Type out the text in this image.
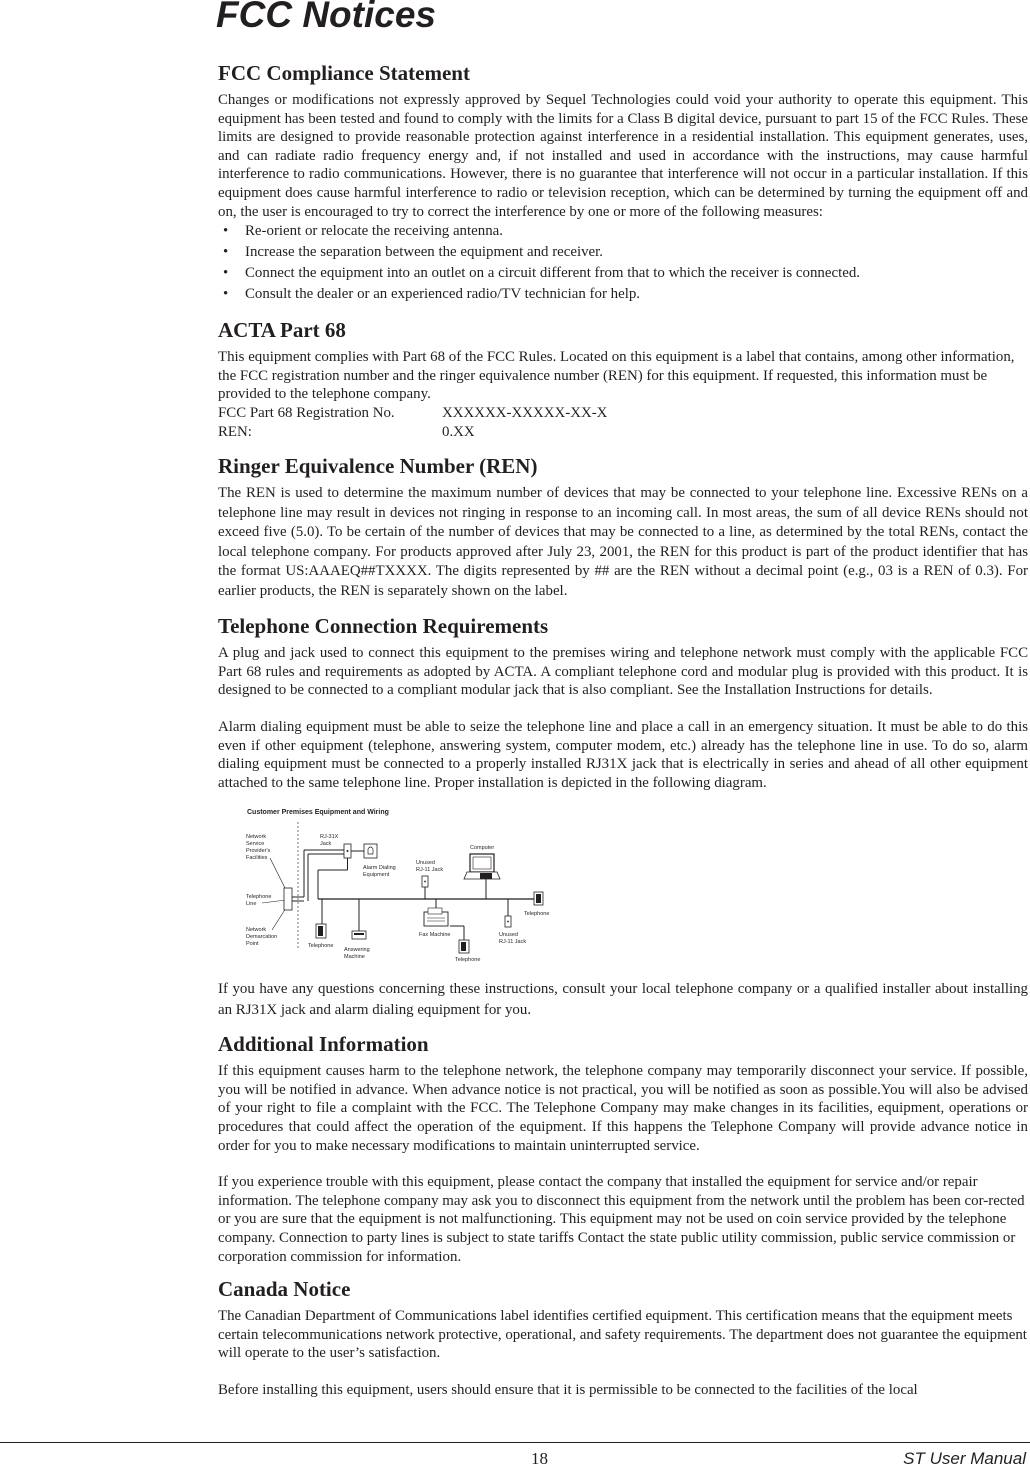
FCC Notices
FCC Compliance Statement

Changes or modifications not expressly approved by Sequel Technologies could void your authority to operate this equipment. This equipment has been tested and found to comply with the limits for a Class B digital device, pursuant to part 15 of the FCC Rules. These limits are designed to provide reasonable protection against interference in a residential installation. This equipment generates, uses, and can radiate radio frequency energy and, if not installed and used in accordance with the instructions, may cause harmful interference to radio communications. However, there is no guarantee that interference will not occur in a particular installation. If this equipment does cause harmful interference to radio or television reception, which can be determined by turning the equipment off and on, the user is encouraged to try to correct the interference by one or more of the following measures:

• Re-orient or relocate the receiving antenna.
• Increase the separation between the equipment and receiver.
• Connect the equipment into an outlet on a circuit different from that to which the receiver is connected.
• Consult the dealer or an experienced radio/TV technician for help.
ACTA Part 68

This equipment complies with Part 68 of the FCC Rules. Located on this equipment is a label that contains, among other information, the FCC registration number and the ringer equivalence number (REN) for this equipment. If requested, this information must be provided to the telephone company.

FCC Part 68 Registration No.	XXXXXX-XXXXX-XX-X
REN:	0.XX
Ringer Equivalence Number (REN)

The REN is used to determine the maximum number of devices that may be connected to your telephone line. Excessive RENs on a telephone line may result in devices not ringing in response to an incoming call. In most areas, the sum of all device RENs should not exceed five (5.0). To be certain of the number of devices that may be connected to a line, as determined by the total RENs, contact the local telephone company. For products approved after July 23, 2001, the REN for this product is part of the product identifier that has the format US:AAAEQ##TXXXX. The digits represented by ## are the REN without a decimal point (e.g., 03 is a REN of 0.3). For earlier products, the REN is separately shown on the label.

Telephone Connection Requirements

A plug and jack used to connect this equipment to the premises wiring and telephone network must comply with the applicable FCC Part 68 rules and requirements as adopted by ACTA. A compliant telephone cord and modular plug is provided with this product. It is designed to be connected to a compliant modular jack that is also compliant. See the Installation Instructions for details.

Alarm dialing equipment must be able to seize the telephone line and place a call in an emergency situation. It must be able to do this even if other equipment (telephone, answering system, computer modem, etc.) already has the telephone line in use. To do so, alarm dialing equipment must be connected to a properly installed RJ31X jack that is electrically in series and ahead of all other equipment attached to the same telephone line. Proper installation is depicted in the following diagram.

Customer Premises Equipment and Wiring
Network
Service
Provider's
Facilities
Telephone
Line
Network
Demarcation
Point
RJ-31X
Jack
Alarm Dialing
Equipment
Unused
RJ-11 Jack
Computer
Telephone
Telephone
Answering
Machine
Fax Machine
Telephone
Unused
RJ-11 Jack

If you have any questions concerning these instructions, consult your local telephone company or a qualified installer about installing an RJ31X jack and alarm dialing equipment for you.

Additional Information

If this equipment causes harm to the telephone network, the telephone company may temporarily disconnect your service. If possible, you will be notified in advance. When advance notice is not practical, you will be notified as soon as possible.You will also be advised of your right to file a complaint with the FCC. The Telephone Company may make changes in its facilities, equipment, operations or procedures that could affect the operation of the equipment. If this happens the Telephone Company will provide advance notice in order for you to make necessary modifications to maintain uninterrupted service.

If you experience trouble with this equipment, please contact the company that installed the equipment for service and/or repair information. The telephone company may ask you to disconnect this equipment from the network until the problem has been cor-rected or you are sure that the equipment is not malfunctioning. This equipment may not be used on coin service provided by the telephone company. Connection to party lines is subject to state tariffs Contact the state public utility commission, public service commission or corporation commission for information.

Canada Notice

The Canadian Department of Communications label identifies certified equipment. This certification means that the equipment meets certain telecommunications network protective, operational, and safety requirements. The department does not guarantee the equipment will operate to the user’s satisfaction.

Before installing this equipment, users should ensure that it is permissible to be connected to the facilities of the local

18	ST User Manual
